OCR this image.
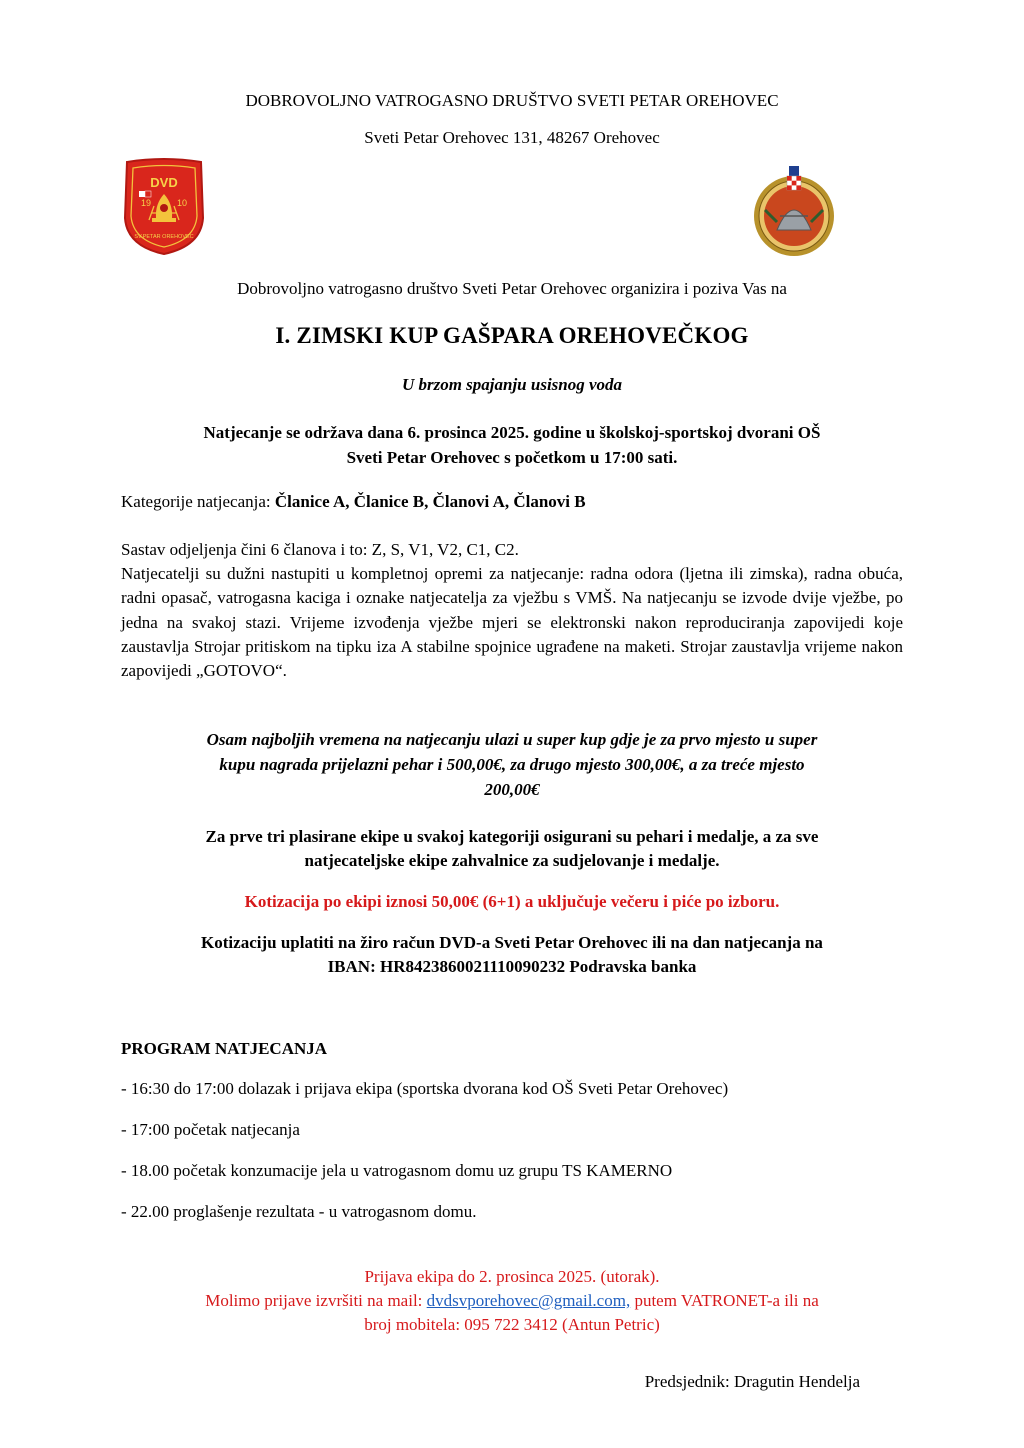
DOBROVOLJNO VATROGASNO DRUŠTVO SVETI PETAR OREHOVEC

Sveti Petar Orehovec 131, 48267 Orehovec

DVD
19	10
SV.PETAR OREHOVEC

Dobrovoljno vatrogasno društvo Sveti Petar Orehovec organizira i poziva Vas na

I. ZIMSKI KUP GAŠPARA OREHOVEČKOG

U brzom spajanju usisnog voda

Natjecanje se održava dana 6. prosinca 2025. godine u školskoj-sportskoj dvorani OŠ

Sveti Petar Orehovec s početkom u 17:00 sati.

Kategorije natjecanja: Članice A, Članice B, Članovi A, Članovi B

Sastav odjeljenja čini 6 članova i to: Z, S, V1, V2, C1, C2.

Natjecatelji su dužni nastupiti u kompletnoj opremi za natjecanje: radna odora (ljetna ili zimska), radna obuća, radni opasač, vatrogasna kaciga i oznake natjecatelja za vježbu s VMŠ. Na natjecanju se izvode dvije vježbe, po jedna na svakoj stazi. Vrijeme izvođenja vježbe mjeri se elektronski nakon reproduciranja zapovijedi koje zaustavlja Strojar pritiskom na tipku iza A stabilne spojnice ugrađene na maketi. Strojar zaustavlja vrijeme nakon zapovijedi „GOTOVO“.

Osam najboljih vremena na natjecanju ulazi u super kup gdje je za prvo mjesto u super

kupu nagrada prijelazni pehar i 500,00€, za drugo mjesto 300,00€, a za treće mjesto

200,00€

Za prve tri plasirane ekipe u svakoj kategoriji osigurani su pehari i medalje, a za sve

natjecateljske ekipe zahvalnice za sudjelovanje i medalje.

Kotizacija po ekipi iznosi 50,00€ (6+1) a uključuje večeru i piće po izboru.

Kotizaciju uplatiti na žiro račun DVD-a Sveti Petar Orehovec ili na dan natjecanja na

IBAN: HR8423860021110090232 Podravska banka

PROGRAM NATJECANJA

- 16:30 do 17:00 dolazak i prijava ekipa (sportska dvorana kod OŠ Sveti Petar Orehovec)

- 17:00 početak natjecanja

- 18.00 početak konzumacije jela u vatrogasnom domu uz grupu TS KAMERNO

- 22.00 proglašenje rezultata - u vatrogasnom domu.

Prijava ekipa do 2. prosinca 2025. (utorak).

Molimo prijave izvršiti na mail: dvdsvporehovec@gmail.com, putem VATRONET-a ili na

broj mobitela: 095 722 3412 (Antun Petric)

Predsjednik: Dragutin Hendelja
